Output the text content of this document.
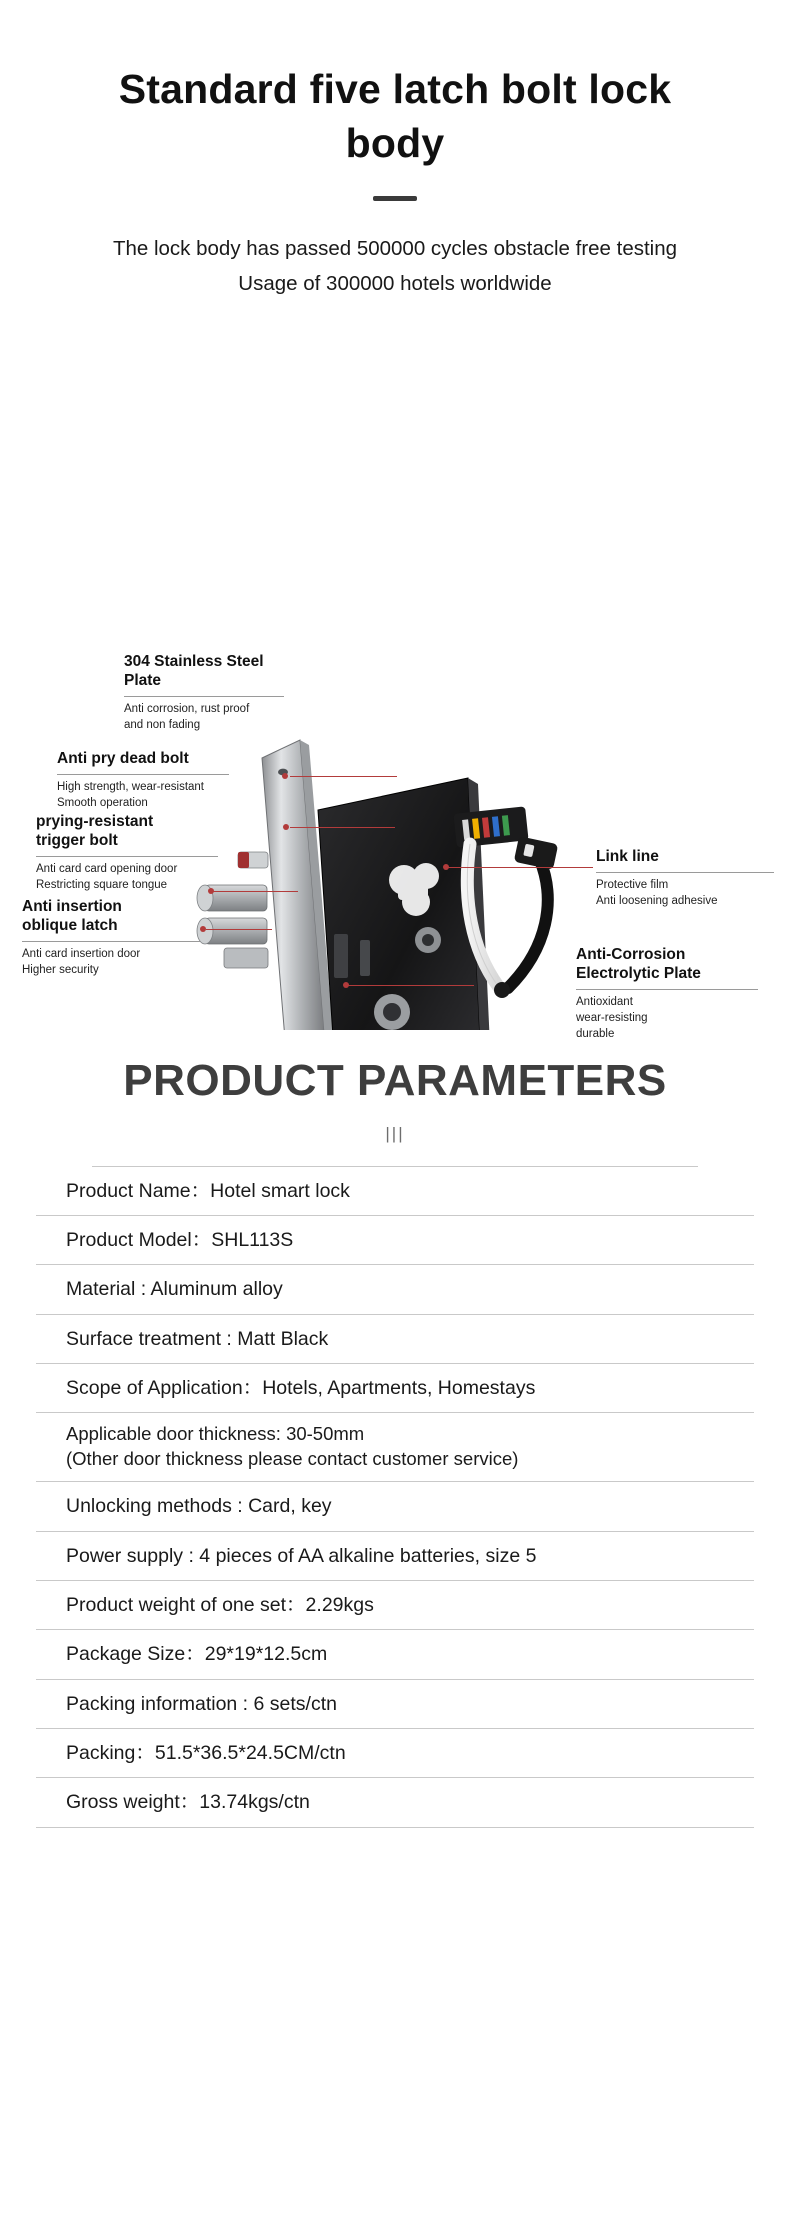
Standard five latch bolt lock body
The lock body has passed 500000 cycles obstacle free testing
Usage of 300000 hotels worldwide
304 Stainless Steel
Plate
Anti corrosion, rust proof
and non fading
Anti pry dead bolt
High strength, wear-resistant
Smooth operation
prying-resistant
trigger bolt
Anti card card opening door
Restricting square tongue
Anti insertion
oblique latch
Anti card insertion door
Higher security
Link line
Protective film
Anti loosening adhesive
Anti-Corrosion
Electrolytic Plate
Antioxidant
wear-resisting
durable
PRODUCT PARAMETERS
|||
Product Name：Hotel smart lock
Product Model：SHL113S
Material : Aluminum alloy
Surface treatment : Matt Black
Scope of Application：Hotels, Apartments, Homestays
Applicable door thickness: 30-50mm
(Other door thickness please contact customer service)
Unlocking methods : Card, key
Power supply : 4 pieces of AA alkaline batteries, size 5
Product weight of one set：2.29kgs
Package Size：29*19*12.5cm
Packing information : 6 sets/ctn
Packing：51.5*36.5*24.5CM/ctn
Gross weight：13.74kgs/ctn
